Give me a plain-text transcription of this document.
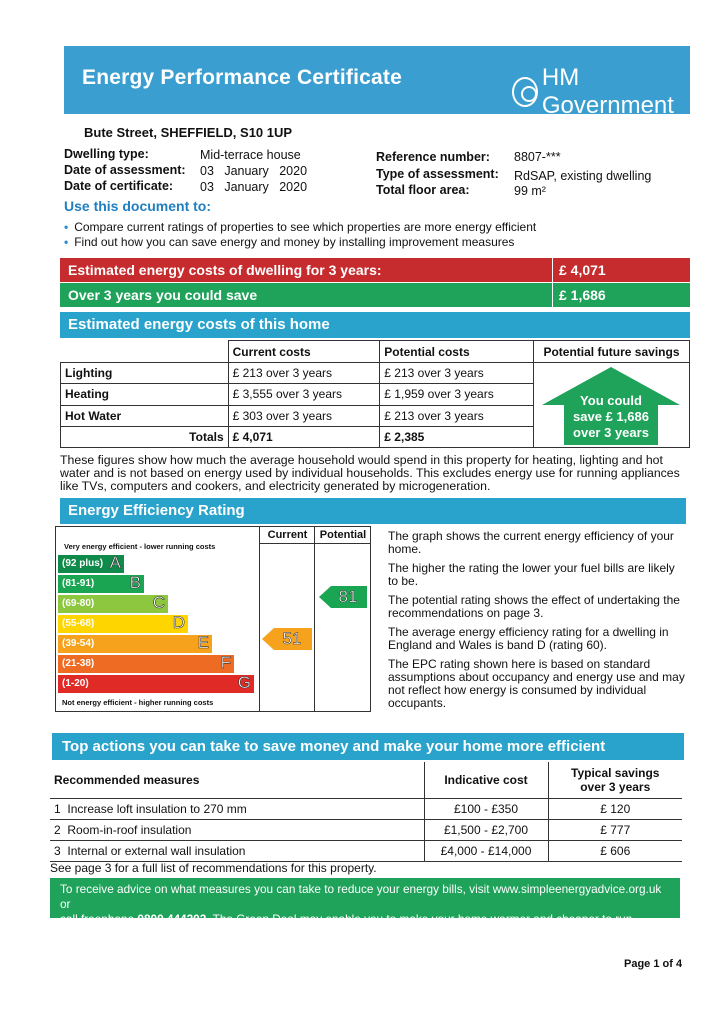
Energy Performance Certificate	HM Government
Bute Street, SHEFFIELD, S10 1UP
Dwelling type:	Mid-terrace house
Date of assessment: 03   January   2020
Date of certificate: 03   January   2020
Reference number: 8807-***
Type of assessment: RdSAP, existing dwelling
Total floor area:	99 m²
Use this document to:
• Compare current ratings of properties to see which properties are more energy efficient
• Find out how you can save energy and money by installing improvement measures
Estimated energy costs of dwelling for 3 years:	£ 4,071
Over 3 years you could save	£ 1,686
Estimated energy costs of this home
	Current costs	Potential costs	Potential future savings
Lighting	£ 213 over 3 years	£ 213 over 3 years	You could
save £ 1,686
over 3 years

Heating	£ 3,555 over 3 years	£ 1,959 over 3 years	
Hot Water	£ 303 over 3 years	£ 213 over 3 years	
Totals	£ 4,071	£ 2,385	
These figures show how much the average household would spend in this property for heating, lighting and hot water and is not based on energy used by individual households. This excludes energy use for running appliances like TVs, computers and cookers, and electricity generated by microgeneration.
Energy Efficiency Rating
Current	Potential
Very energy efficient - lower running costs
(92 plus) A
(81-91) B
(69-80)	C
(55-68)	D
(39-54)	E
(21-38)	F
(1-20)	G
Not energy efficient - higher running costs
51
81
The graph shows the current energy efficiency of your home.
The higher the rating the lower your fuel bills are likely to be.
The potential rating shows the effect of undertaking the recommendations on page 3.
The average energy efficiency rating for a dwelling in England and Wales is band D (rating 60).
The EPC rating shown here is based on standard assumptions about occupancy and energy use and may not reflect how energy is consumed by individual occupants.
Top actions you can take to save money and make your home more efficient
Recommended measures	Indicative cost	Typical savings
over 3 years

1 Increase loft insulation to 270 mm	£100 - £350	£ 120
2 Room-in-roof insulation	£1,500 - £2,700	£ 777
3 Internal or external wall insulation	£4,000 - £14,000	£ 606
See page 3 for a full list of recommendations for this property.
To receive advice on what measures you can take to reduce your energy bills, visit www.simpleenergyadvice.org.uk or
call freephone 0800 444202. The Green Deal may enable you to make your home warmer and cheaper to run.
Page 1 of 4
